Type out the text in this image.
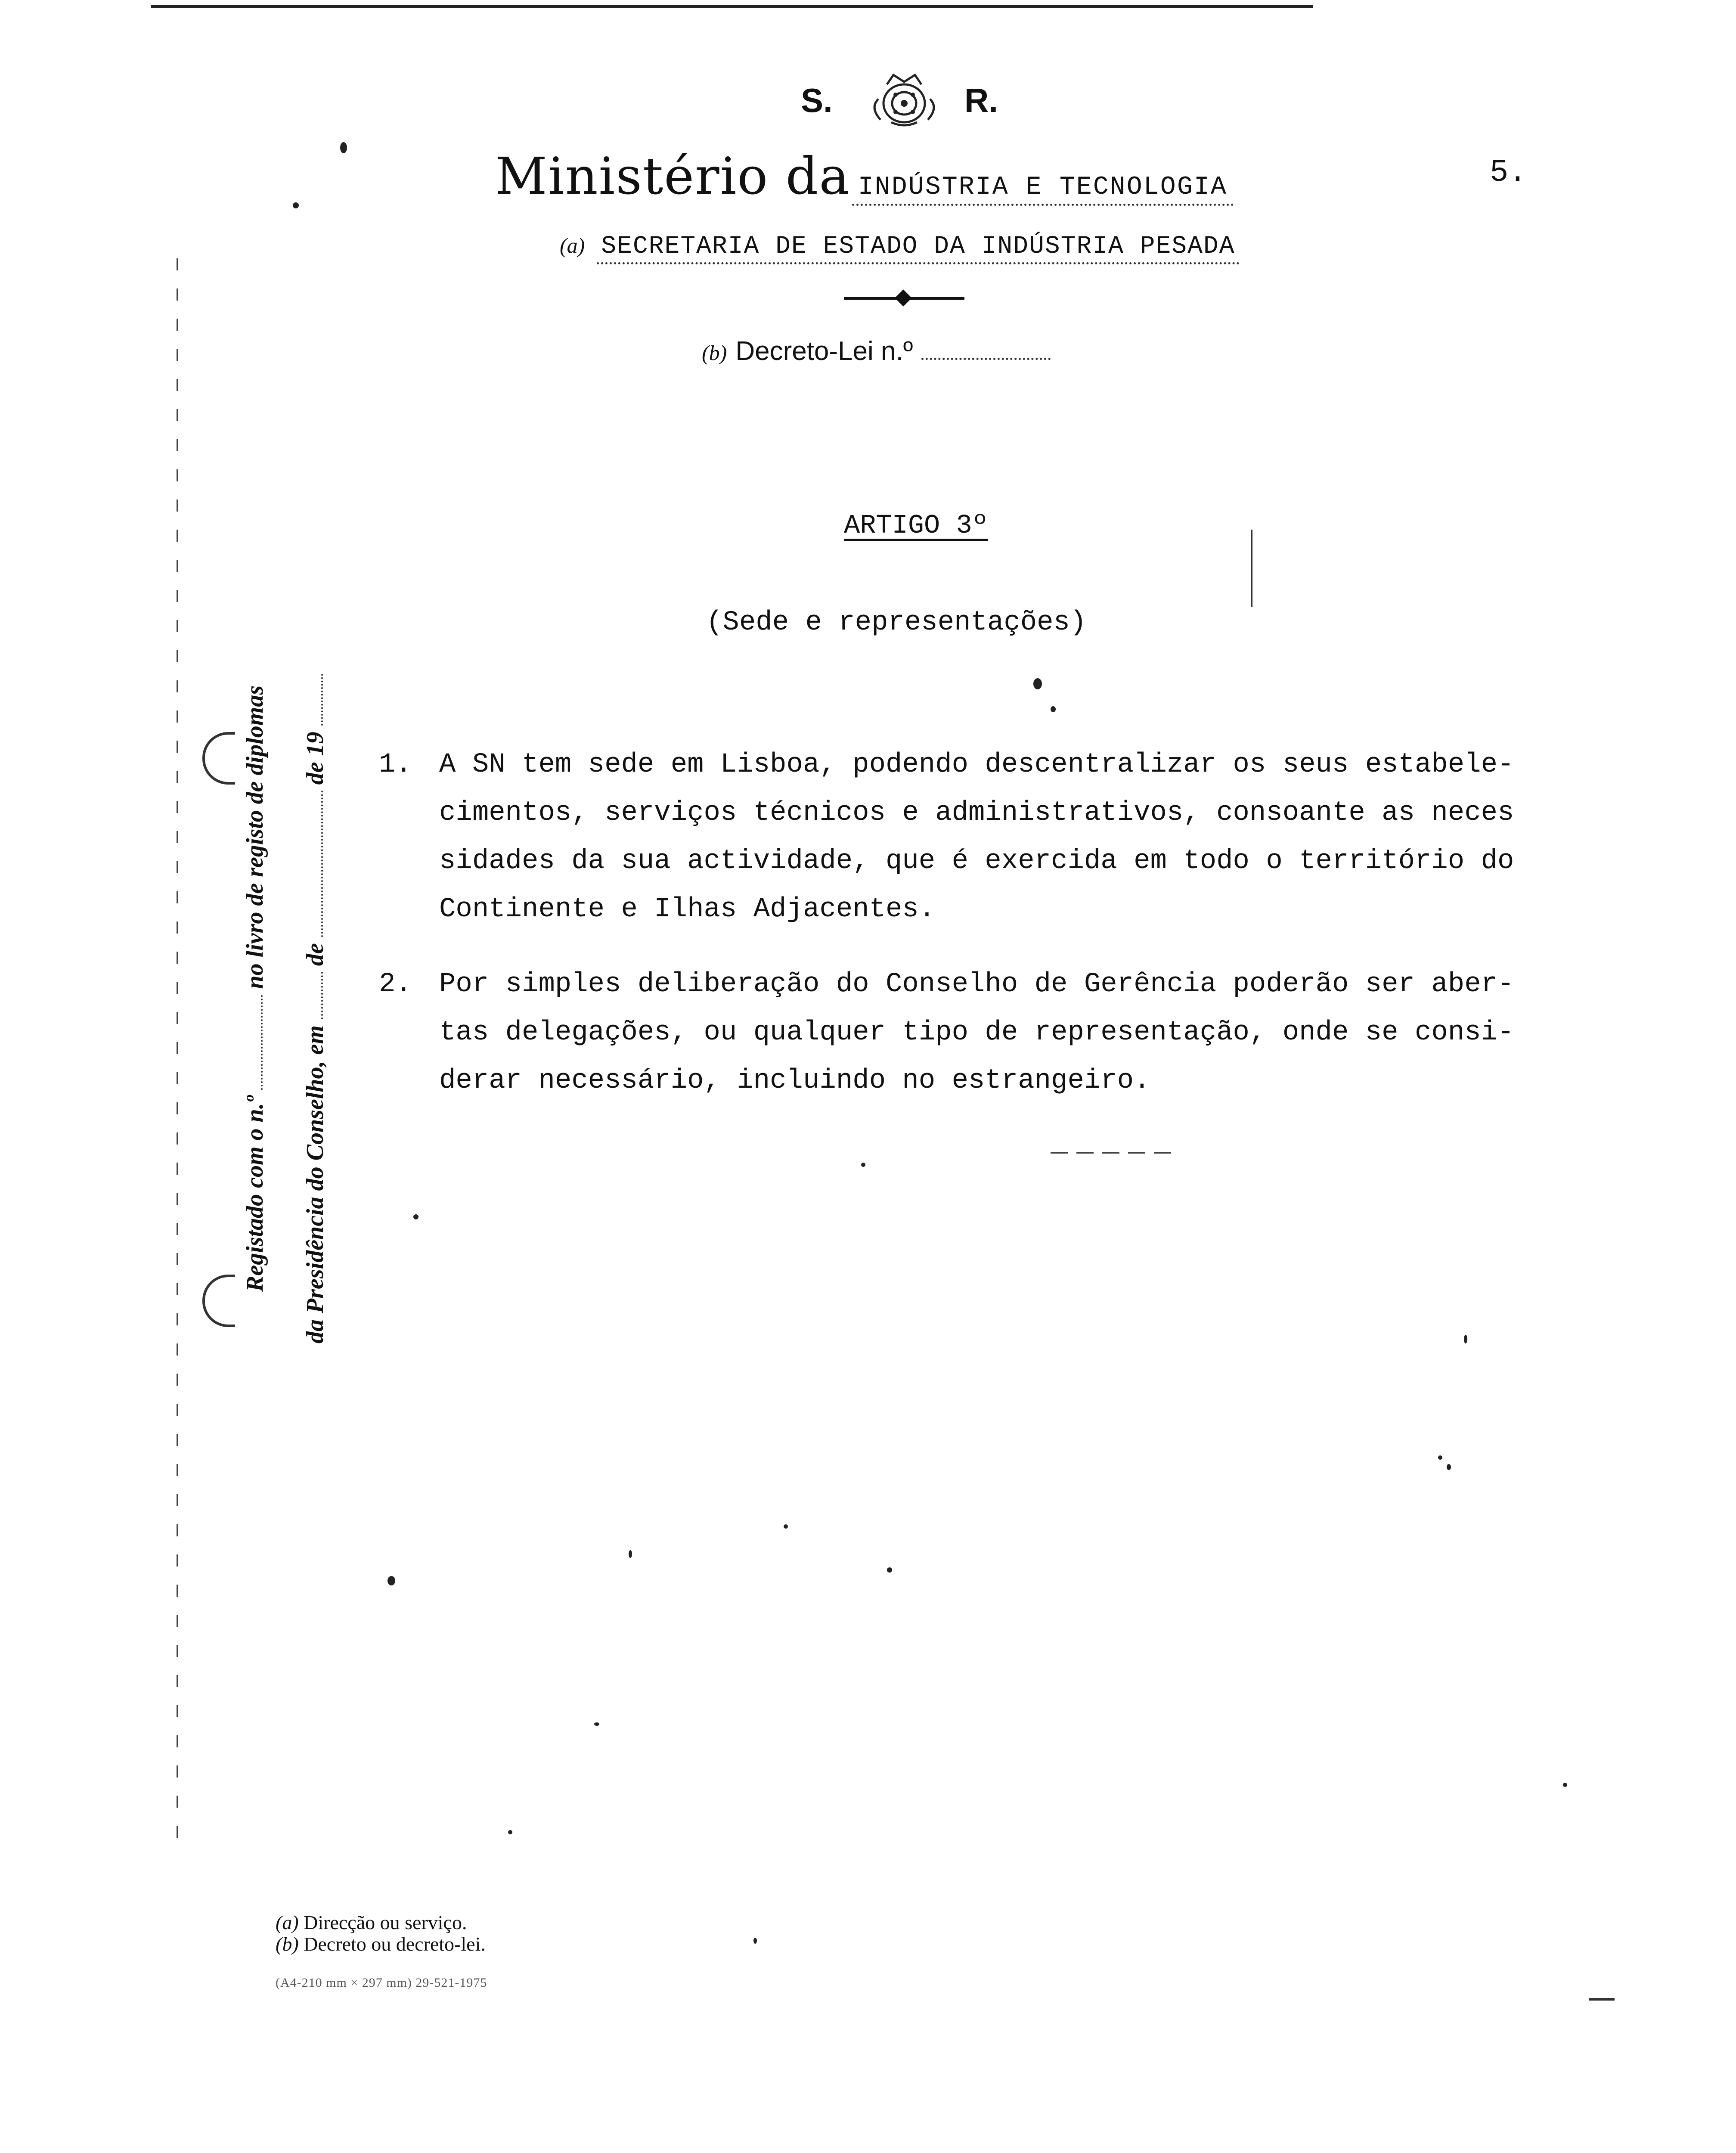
S.	R.
5.
Ministério da INDÚSTRIA E TECNOLOGIA
(a) SECRETARIA DE ESTADO DA INDÚSTRIA PESADA
(b) Decreto-Lei n.º
ARTIGO 3º
(Sede e representações)
1. A SN tem sede em Lisboa, podendo descentralizar os seus estabele-
cimentos, serviços técnicos e administrativos, consoante as neces
sidades da sua actividade, que é exercida em todo o território do
Continente e Ilhas Adjacentes.
2. Por simples deliberação do Conselho de Gerência poderão ser aber-
tas delegações, ou qualquer tipo de representação, onde se consi-
derar necessário, incluindo no estrangeiro.
Registado com o n.º  no livro de registo de diplomas
da Presidência do Conselho, em  de  de 19
(a) Direcção ou serviço.
(b) Decreto ou decreto-lei.
(A4-210 mm × 297 mm) 29-521-1975
